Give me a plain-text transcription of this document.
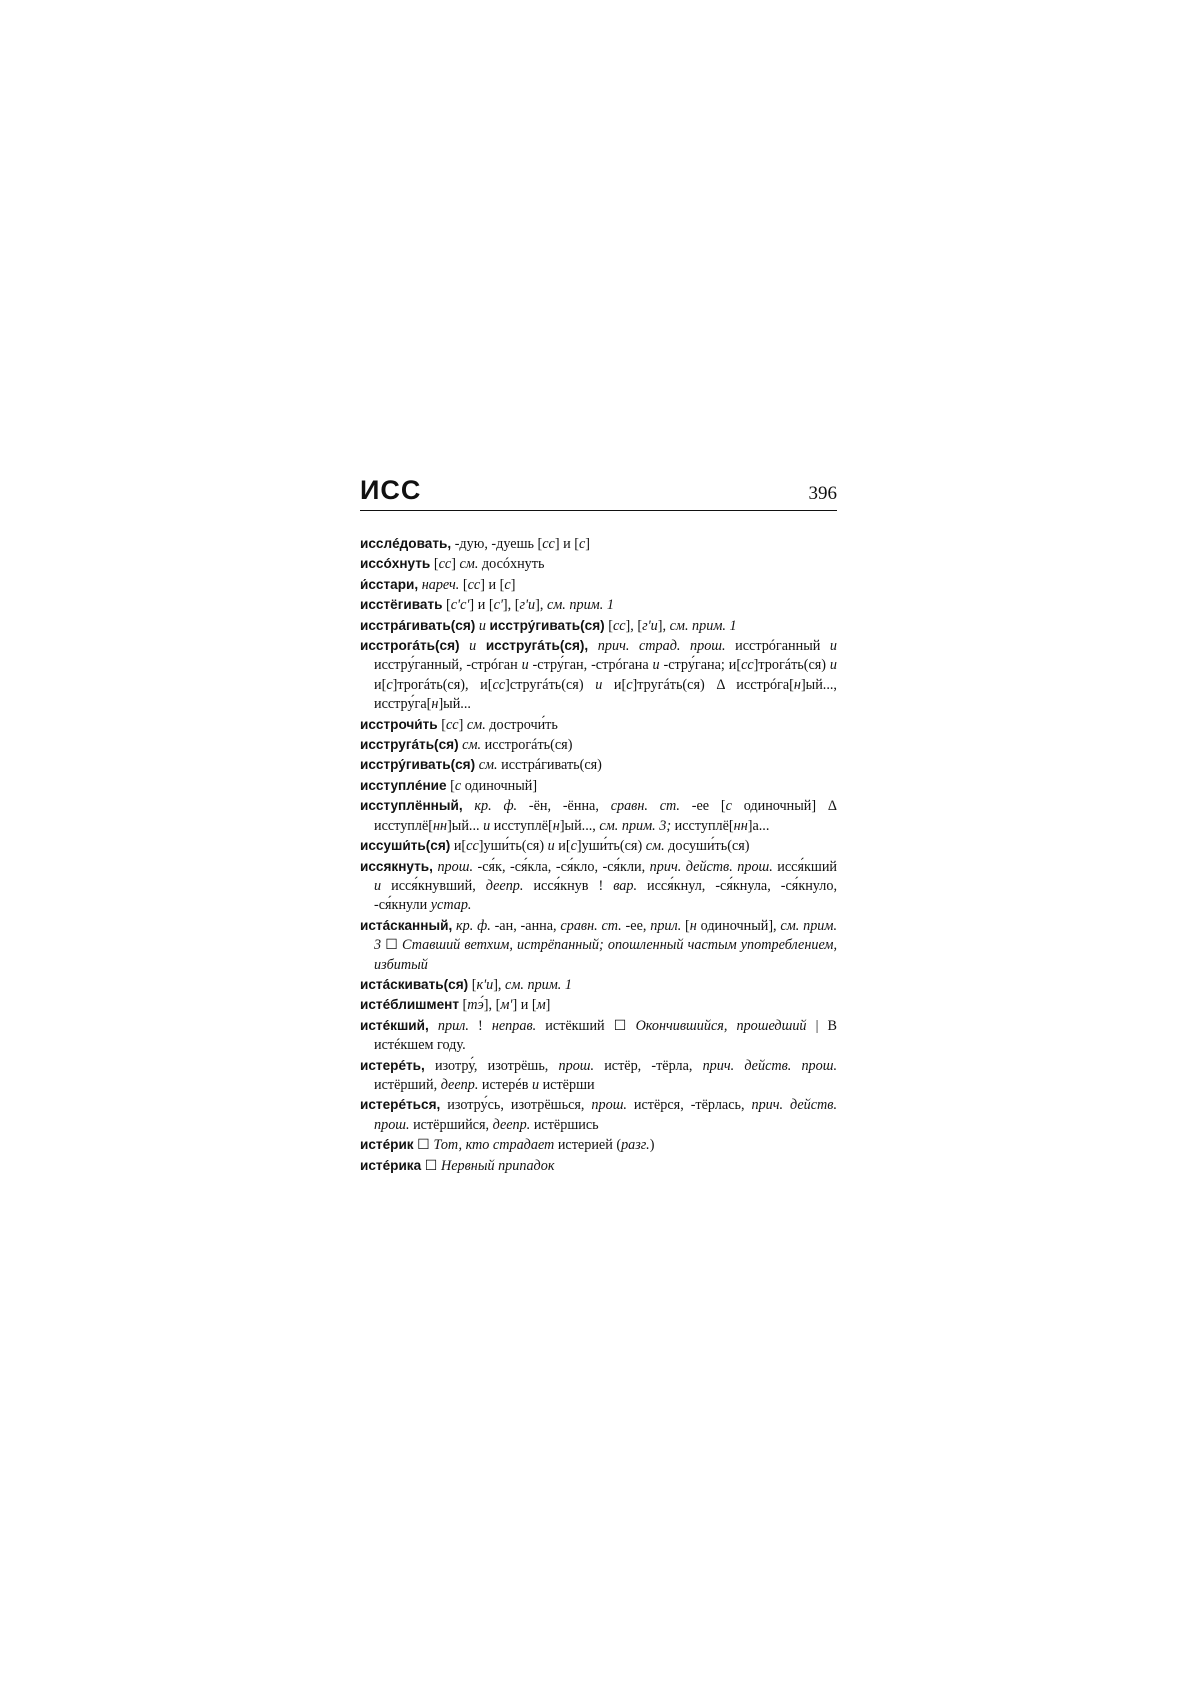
ИСС	396
исслéдовать, -дую, -дуешь [сс] и [с]
иссóхнуть [сс] см. досóхнуть
и́сстари, нареч. [сс] и [с]
исстёгивать [с'с'] и [с'], [г'и], см. прим. 1
исстрáгивать(ся) и исстру́гивать(ся) [сс], [г'и], см. прим. 1
исстрогáть(ся) и исстругáть(ся), прич. страд. прош. исстрóганный и исстру́ганный, -стрóган и -стру́ган, -стрóгана и -стру́гана; и[сс]трогáть(ся) и и[с]трогáть(ся), и[сс]стругáть(ся) и и[с]тругáть(ся) Δ исстрóга[н]ый..., исстру́га[н]ый...
исстрочи́ть [сс] см. дострочи́ть
исстругáть(ся) см. исстрогáть(ся)
исстру́гивать(ся) см. исстрáгивать(ся)
исступлéние [с одиночный]
исступлённый, кр. ф. -ён, -ённа, сравн. ст. -ее [с одиночный] Δ исступлё[нн]ый... и исступлё[н]ый..., см. прим. 3; исступлё[нн]а...
иссуши́ть(ся) и[сс]уши́ть(ся) и и[с]уши́ть(ся) см. досуши́ть(ся)
иссякнуть, прош. -ся́к, -ся́кла, -ся́кло, -ся́кли, прич. действ. прош. исся́кший и исся́кнувший, деепр. исся́кнув ! вар. исся́кнул, -ся́кнула, -ся́кнуло, -ся́кнули устар.
истáсканный, кр. ф. -ан, -анна, сравн. ст. -ее, прил. [н одиночный], см. прим. 3 ☐ Ставший ветхим, истрёпанный; опошленный частым употреблением, избитый
истáскивать(ся) [к'и], см. прим. 1
истéблишмент [тэ́], [м'] и [м]
истéкший, прил. ! неправ. истёкший ☐ Окончившийся, прошедший | В истéкшем году.
истерéть, изотру́, изотрёшь, прош. истёр, -тёрла, прич. действ. прош. истёрший, деепр. истерéв и истёрши
истерéться, изотру́сь, изотрёшься, прош. истёрся, -тёрлась, прич. действ. прош. истёршийся, деепр. истёршись
истéрик ☐ Тот, кто страдает истерией (разг.)
истéрика ☐ Нервный припадок
